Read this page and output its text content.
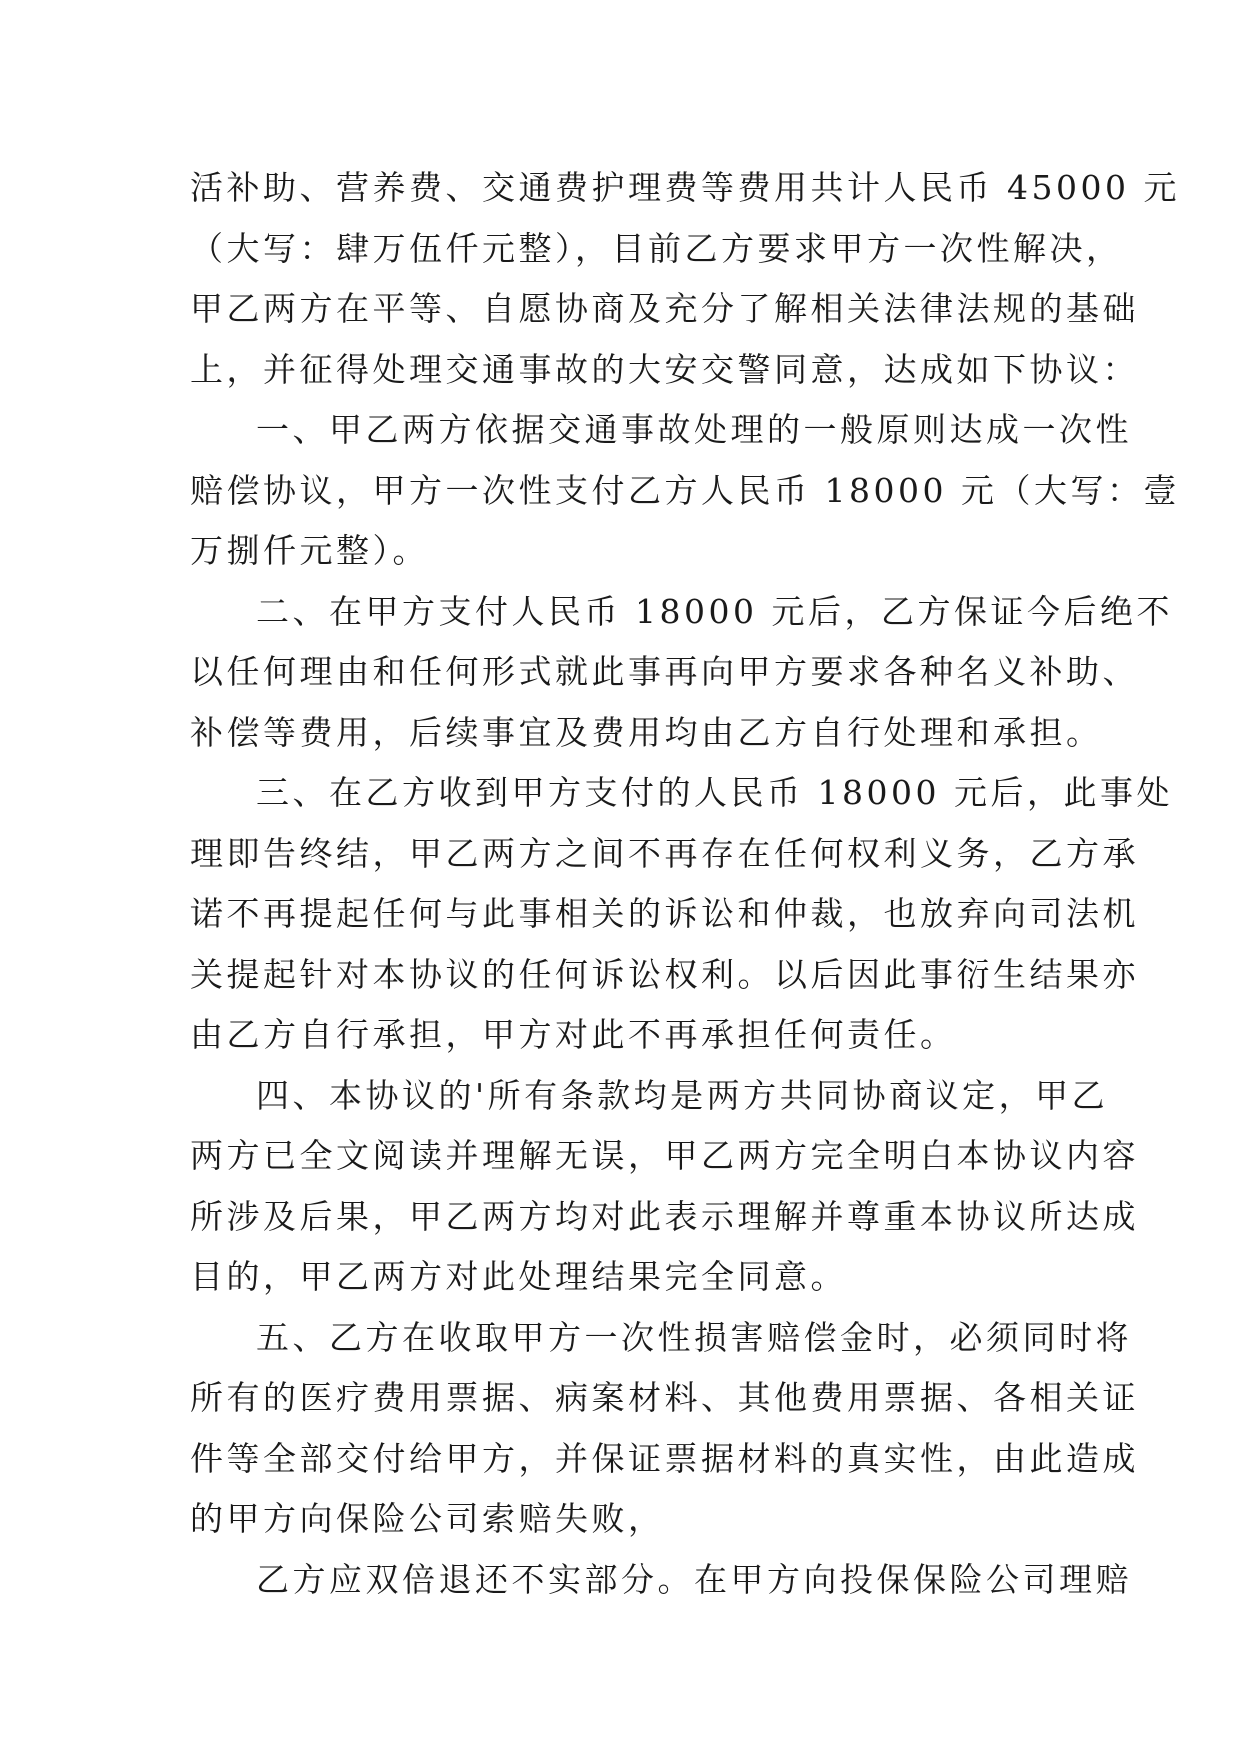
活补助、营养费、交通费护理费等费用共计人民币 45000 元
（大写：肆万伍仟元整），目前乙方要求甲方一次性解决，
甲乙两方在平等、自愿协商及充分了解相关法律法规的基础
上，并征得处理交通事故的大安交警同意，达成如下协议：
一、甲乙两方依据交通事故处理的一般原则达成一次性
赔偿协议，甲方一次性支付乙方人民币 18000 元（大写：壹
万捌仟元整）。
二、在甲方支付人民币 18000 元后，乙方保证今后绝不
以任何理由和任何形式就此事再向甲方要求各种名义补助、
补偿等费用，后续事宜及费用均由乙方自行处理和承担。
三、在乙方收到甲方支付的人民币 18000 元后，此事处
理即告终结，甲乙两方之间不再存在任何权利义务，乙方承
诺不再提起任何与此事相关的诉讼和仲裁，也放弃向司法机
关提起针对本协议的任何诉讼权利。以后因此事衍生结果亦
由乙方自行承担，甲方对此不再承担任何责任。
四、本协议的'所有条款均是两方共同协商议定，甲乙
两方已全文阅读并理解无误，甲乙两方完全明白本协议内容
所涉及后果，甲乙两方均对此表示理解并尊重本协议所达成
目的，甲乙两方对此处理结果完全同意。
五、乙方在收取甲方一次性损害赔偿金时，必须同时将
所有的医疗费用票据、病案材料、其他费用票据、各相关证
件等全部交付给甲方，并保证票据材料的真实性，由此造成
的甲方向保险公司索赔失败，
乙方应双倍退还不实部分。在甲方向投保保险公司理赔
